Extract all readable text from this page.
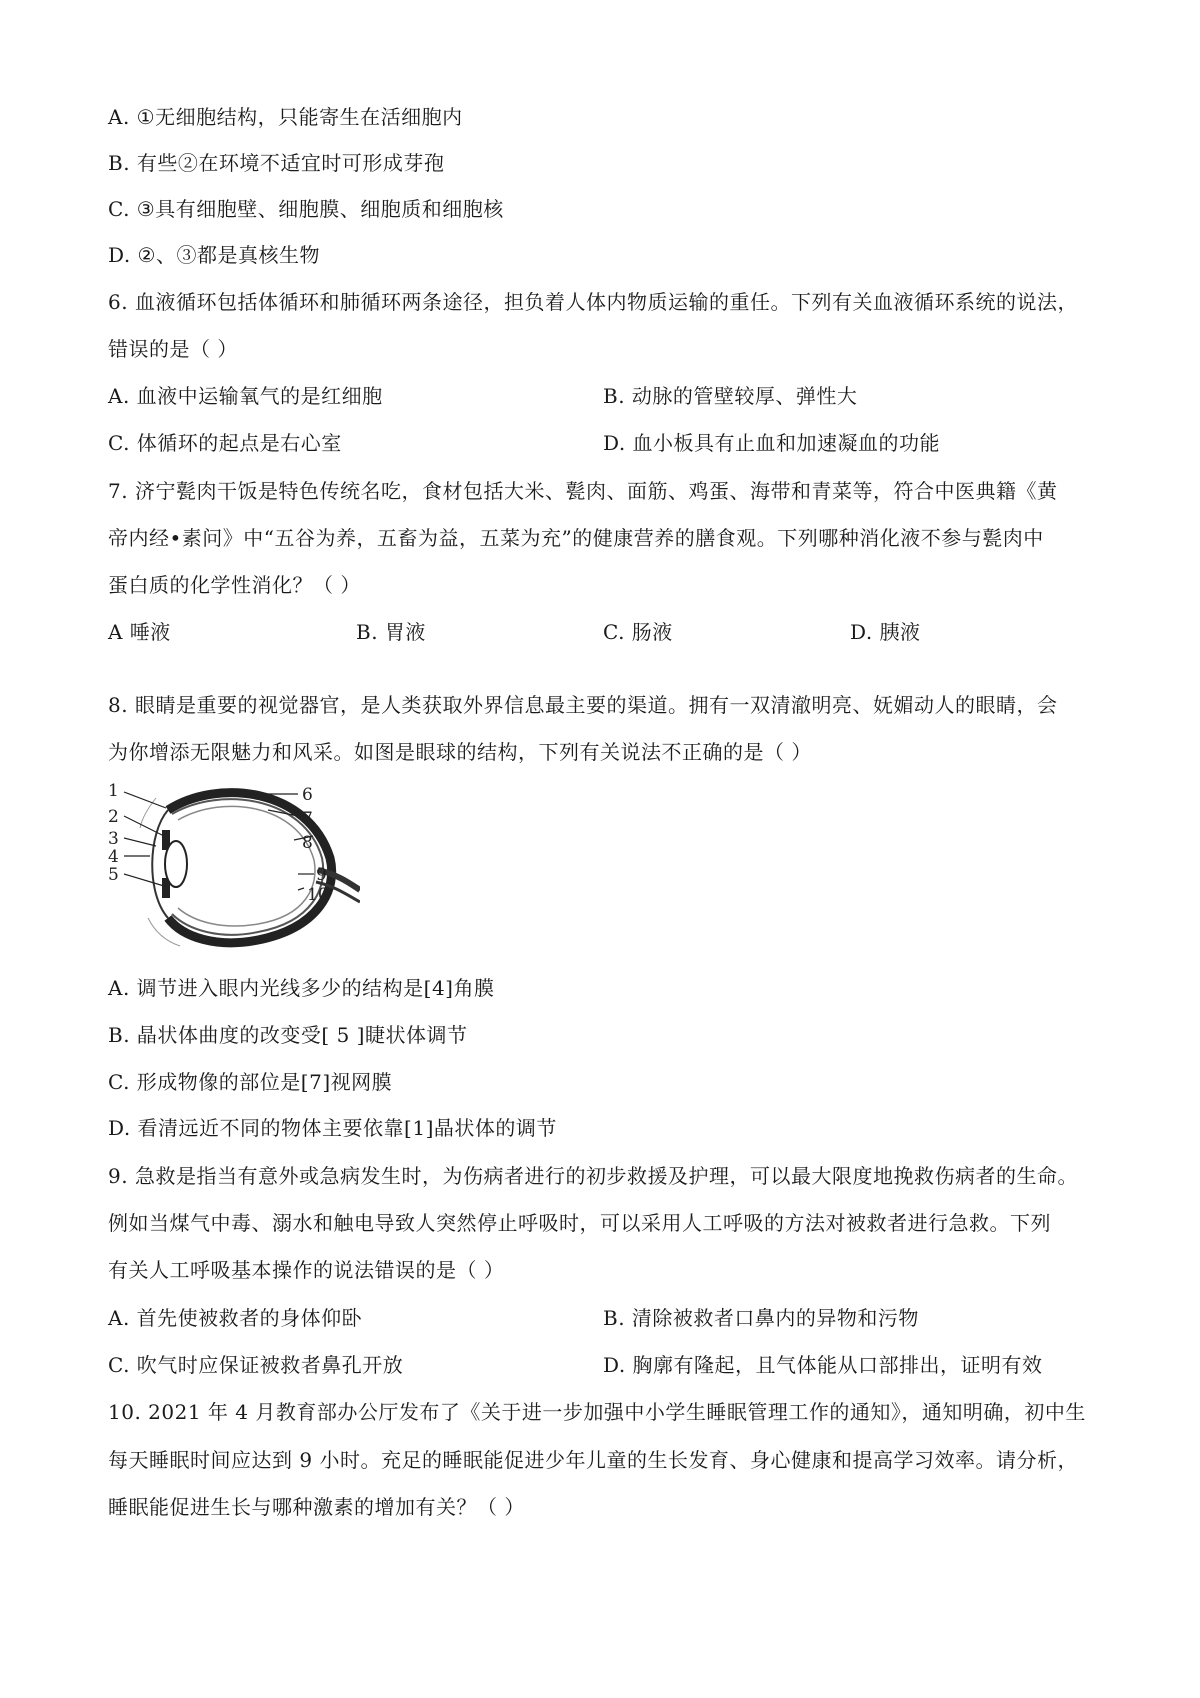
A. ①无细胞结构，只能寄生在活细胞内
B. 有些②在环境不适宜时可形成芽孢
C. ③具有细胞壁、细胞膜、细胞质和细胞核
D. ②、③都是真核生物
6. 血液循环包括体循环和肺循环两条途径，担负着人体内物质运输的重任。下列有关血液循环系统的说法，
错误的是（ ）
A. 血液中运输氧气的是红细胞	B. 动脉的管壁较厚、弹性大
C. 体循环的起点是右心室	D. 血小板具有止血和加速凝血的功能
7. 济宁甏肉干饭是特色传统名吃，食材包括大米、甏肉、面筋、鸡蛋、海带和青菜等，符合中医典籍《黄
帝内经•素问》中“五谷为养，五畜为益，五菜为充”的健康营养的膳食观。下列哪种消化液不参与甏肉中
蛋白质的化学性消化？（ ）
A 唾液	B. 胃液	C. 肠液	D. 胰液
8. 眼睛是重要的视觉器官，是人类获取外界信息最主要的渠道。拥有一双清澈明亮、妩媚动人的眼睛，会
为你增添无限魅力和风采。如图是眼球的结构，下列有关说法不正确的是（ ）
1
2
3
4
5
6
7
8
9
10
A. 调节进入眼内光线多少的结构是[4]角膜
B. 晶状体曲度的改变受[ 5 ]睫状体调节
C. 形成物像的部位是[7]视网膜
D. 看清远近不同的物体主要依靠[1]晶状体的调节
9. 急救是指当有意外或急病发生时，为伤病者进行的初步救援及护理，可以最大限度地挽救伤病者的生命。
例如当煤气中毒、溺水和触电导致人突然停止呼吸时，可以采用人工呼吸的方法对被救者进行急救。下列
有关人工呼吸基本操作的说法错误的是（ ）
A. 首先使被救者的身体仰卧	B. 清除被救者口鼻内的异物和污物
C. 吹气时应保证被救者鼻孔开放	D. 胸廓有隆起，且气体能从口部排出，证明有效
10. 2021 年 4 月教育部办公厅发布了《关于进一步加强中小学生睡眠管理工作的通知》，通知明确，初中生
每天睡眠时间应达到 9 小时。充足的睡眠能促进少年儿童的生长发育、身心健康和提高学习效率。请分析，
睡眠能促进生长与哪种激素的增加有关？（ ）
